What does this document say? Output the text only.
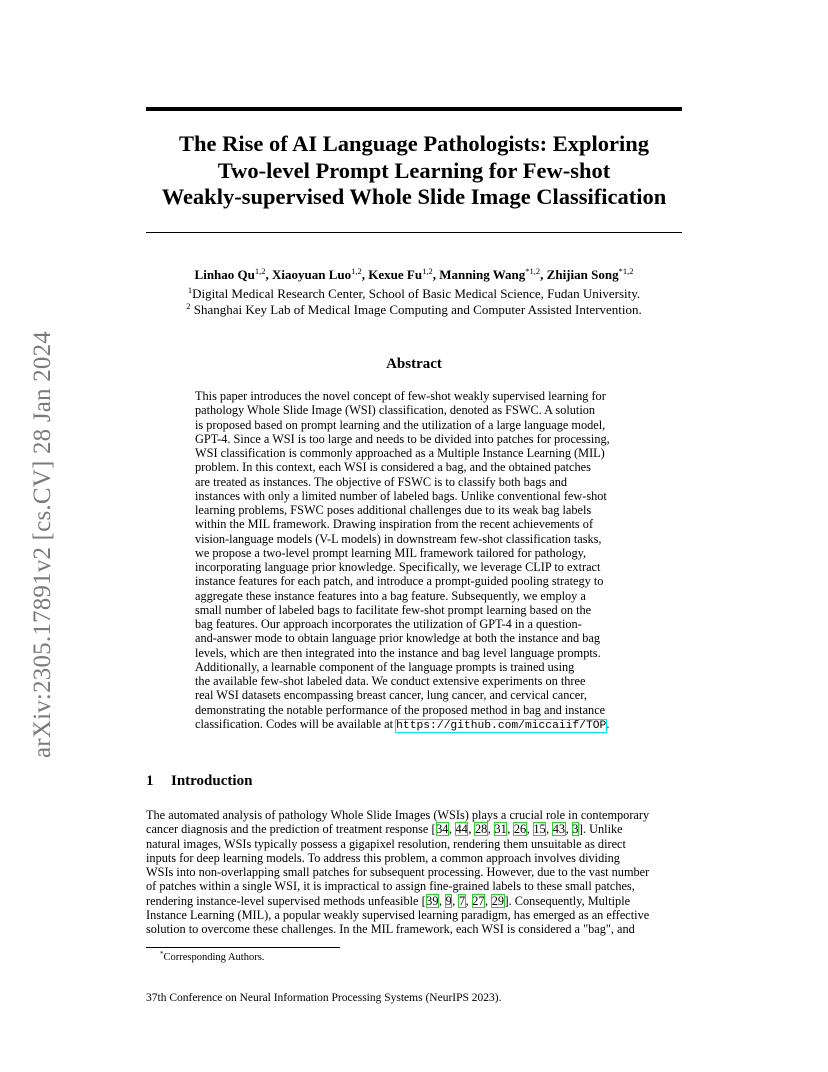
arXiv:2305.17891v2 [cs.CV] 28 Jan 2024
The Rise of AI Language Pathologists: Exploring
Two-level Prompt Learning for Few-shot
Weakly-supervised Whole Slide Image Classification
Linhao Qu$^{1,2}$, Xiaoyuan Luo$^{1,2}$, Kexue Fu$^{1,2}$, Manning Wang$^{*1,2}$, Zhijian Song$^{*1,2}$
$^1$Digital Medical Research Center, School of Basic Medical Science, Fudan University.
$^2$ Shanghai Key Lab of Medical Image Computing and Computer Assisted Intervention.
Abstract
This paper introduces the novel concept of few-shot weakly supervised learning for
pathology Whole Slide Image (WSI) classification, denoted as FSWC. A solution
is proposed based on prompt learning and the utilization of a large language model,
GPT-4. Since a WSI is too large and needs to be divided into patches for processing,
WSI classification is commonly approached as a Multiple Instance Learning (MIL)
problem. In this context, each WSI is considered a bag, and the obtained patches
are treated as instances. The objective of FSWC is to classify both bags and
instances with only a limited number of labeled bags. Unlike conventional few-shot
learning problems, FSWC poses additional challenges due to its weak bag labels
within the MIL framework. Drawing inspiration from the recent achievements of
vision-language models (V-L models) in downstream few-shot classification tasks,
we propose a two-level prompt learning MIL framework tailored for pathology,
incorporating language prior knowledge. Specifically, we leverage CLIP to extract
instance features for each patch, and introduce a prompt-guided pooling strategy to
aggregate these instance features into a bag feature. Subsequently, we employ a
small number of labeled bags to facilitate few-shot prompt learning based on the
bag features. Our approach incorporates the utilization of GPT-4 in a question-
and-answer mode to obtain language prior knowledge at both the instance and bag
levels, which are then integrated into the instance and bag level language prompts.
Additionally, a learnable component of the language prompts is trained using
the available few-shot labeled data. We conduct extensive experiments on three
real WSI datasets encompassing breast cancer, lung cancer, and cervical cancer,
demonstrating the notable performance of the proposed method in bag and instance
classification. Codes will be available at https://github.com/miccaiif/TOP.
1 Introduction
The automated analysis of pathology Whole Slide Images (WSIs) plays a crucial role in contemporary
cancer diagnosis and the prediction of treatment response [34, 44, 28, 31, 26, 15, 43, 3]. Unlike
natural images, WSIs typically possess a gigapixel resolution, rendering them unsuitable as direct
inputs for deep learning models. To address this problem, a common approach involves dividing
WSIs into non-overlapping small patches for subsequent processing. However, due to the vast number
of patches within a single WSI, it is impractical to assign fine-grained labels to these small patches,
rendering instance-level supervised methods unfeasible [39, 9, 7, 27, 29]. Consequently, Multiple
Instance Learning (MIL), a popular weakly supervised learning paradigm, has emerged as an effective
solution to overcome these challenges. In the MIL framework, each WSI is considered a "bag", and
*Corresponding Authors.
37th Conference on Neural Information Processing Systems (NeurIPS 2023).
